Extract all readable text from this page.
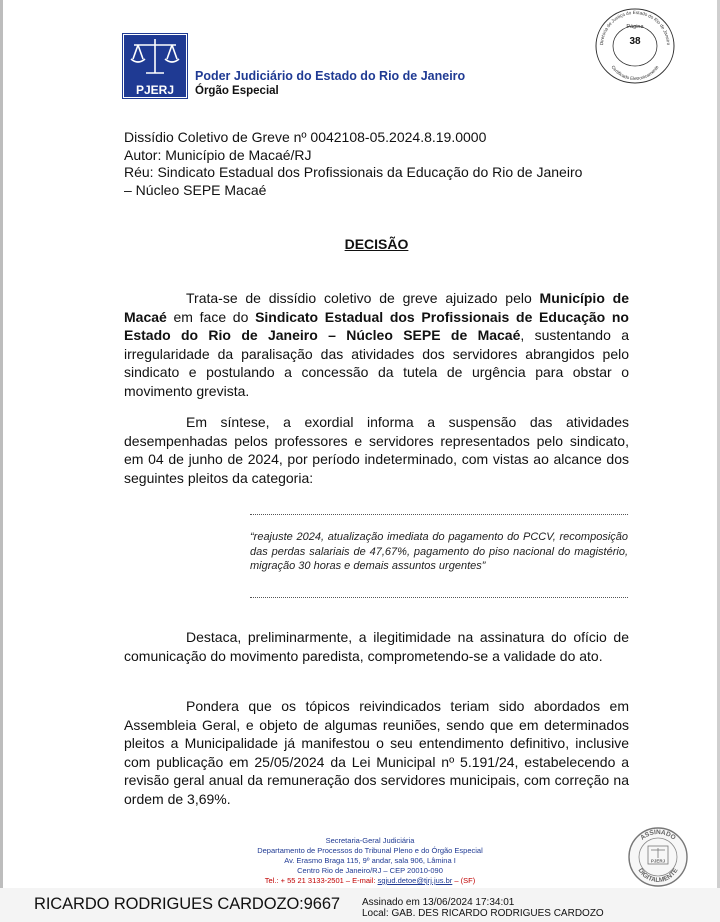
PJERJ
Poder Judiciário do Estado do Rio de Janeiro
Órgão Especial
Diretoria de Justiça do Estado do Rio de Janeiro
Certificado Eletronicamente
Página
38
Dissídio Coletivo de Greve nº 0042108-05.2024.8.19.0000
Autor: Município de Macaé/RJ
Réu: Sindicato Estadual dos Profissionais da Educação do Rio de Janeiro
– Núcleo SEPE Macaé
DECISÃO
Trata-se de dissídio coletivo de greve ajuizado pelo Município de Macaé em face do Sindicato Estadual dos Profissionais de Educação no Estado do Rio de Janeiro – Núcleo SEPE de Macaé, sustentando a irregularidade da paralisação das atividades dos servidores abrangidos pelo sindicato e postulando a concessão da tutela de urgência para obstar o movimento grevista.
Em síntese, a exordial informa a suspensão das atividades desempenhadas pelos professores e servidores representados pelo sindicato, em 04 de junho de 2024, por período indeterminado, com vistas ao alcance dos seguintes pleitos da categoria:
“reajuste 2024, atualização imediata do pagamento do PCCV, recomposição das perdas salariais de 47,67%, pagamento do piso nacional do magistério, migração 30 horas e demais assuntos urgentes”
Destaca, preliminarmente, a ilegitimidade na assinatura do ofício de comunicação do movimento paredista, comprometendo-se a validade do ato.
Pondera que os tópicos reivindicados teriam sido abordados em Assembleia Geral, e objeto de algumas reuniões, sendo que em determinados pleitos a Municipalidade já manifestou o seu entendimento definitivo, inclusive com publicação em 25/05/2024 da Lei Municipal nº 5.191/24, estabelecendo a revisão geral anual da remuneração dos servidores municipais, com correção na ordem de 3,69%.
Secretaria-Geral Judiciária
Departamento de Processos do Tribunal Pleno e do Órgão Especial
Av. Erasmo Braga 115, 9º andar, sala 906, Lâmina I
Centro Rio de Janeiro/RJ – CEP 20010-090
Tel.: + 55 21 3133-2501 – E-mail: sgjud.detoe@tjrj.jus.br – (SF)
ASSINADO
DIGITALMENTE
PJERJ
RICARDO RODRIGUES CARDOZO:9667 Assinado em 13/06/2024 17:34:01
Local: GAB. DES RICARDO RODRIGUES CARDOZO
